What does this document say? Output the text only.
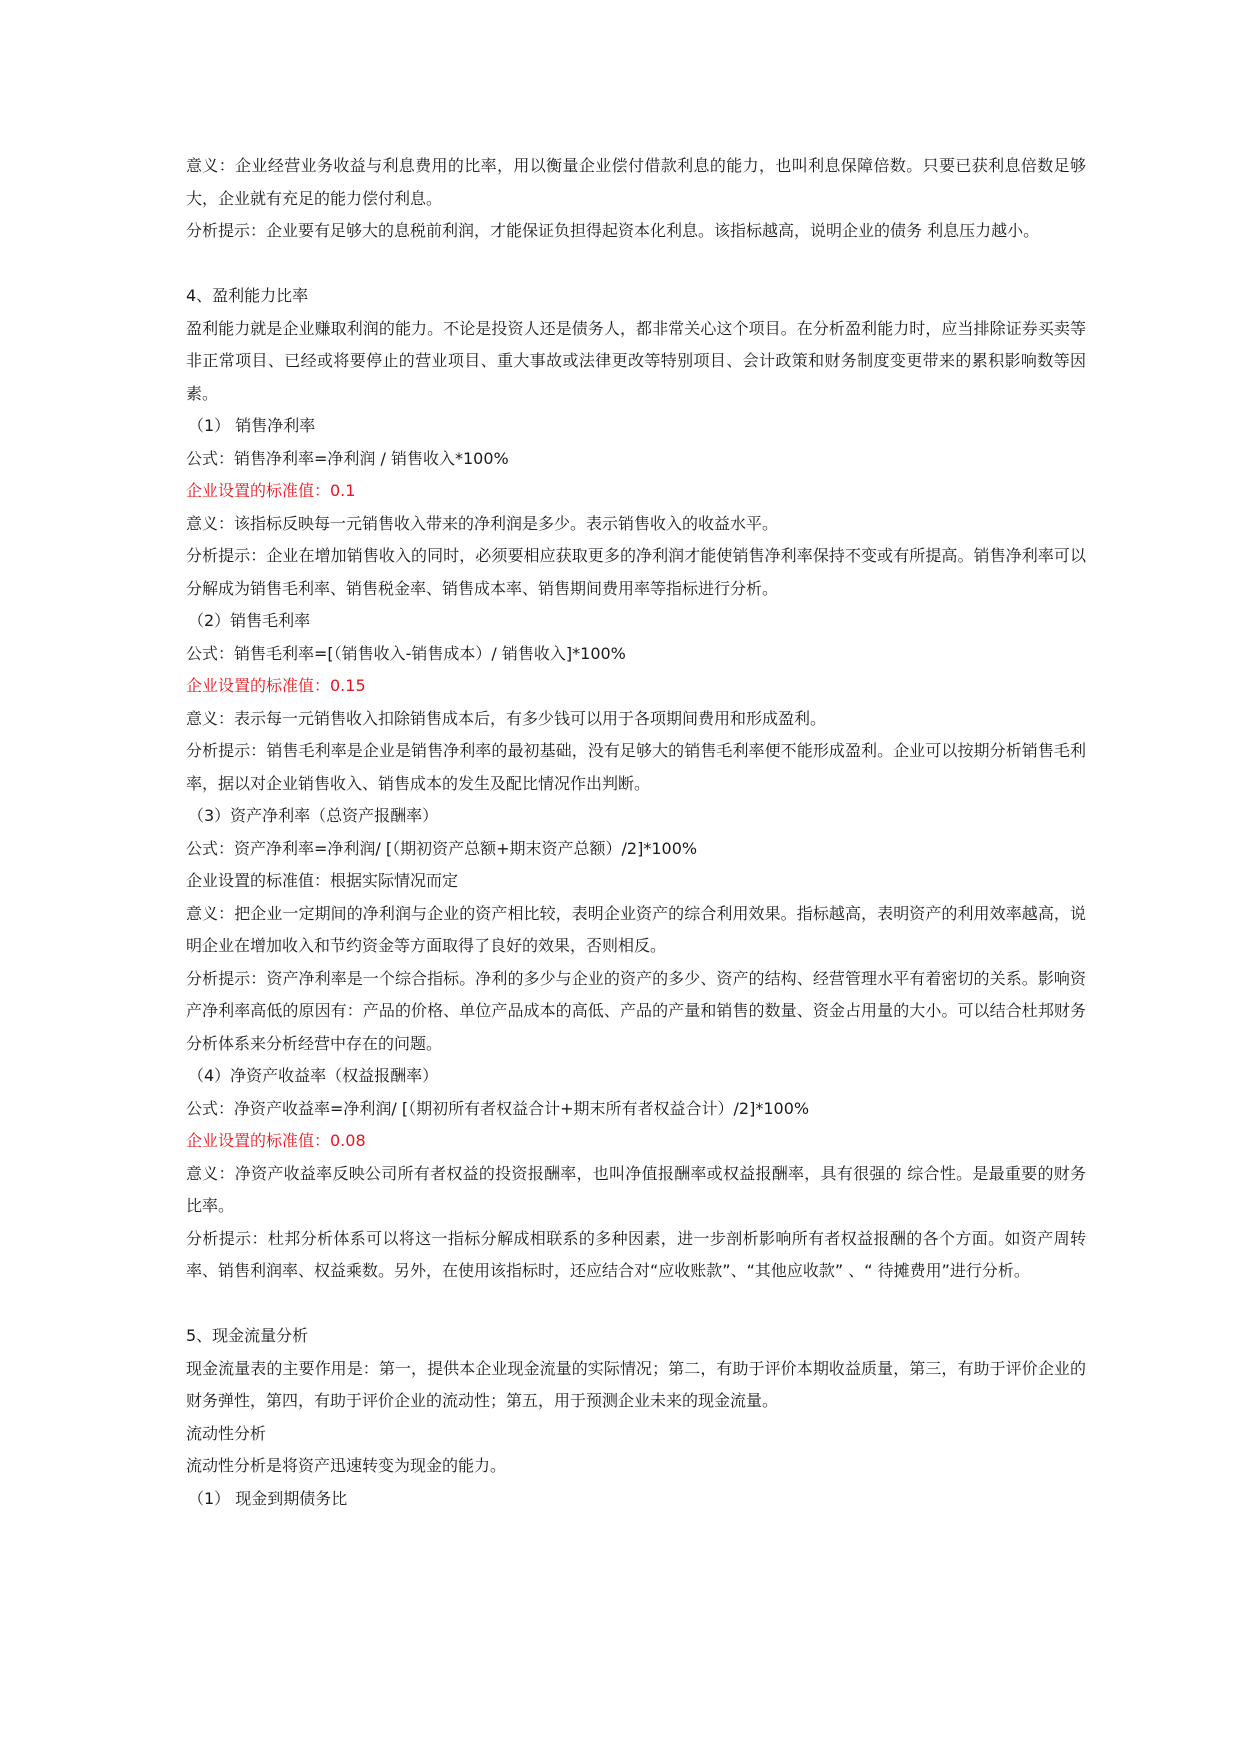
意义：企业经营业务收益与利息费用的比率，用以衡量企业偿付借款利息的能力，也叫利息保障倍数。只要已获利息倍数足够大，企业就有充足的能力偿付利息。
分析提示：企业要有足够大的息税前利润，才能保证负担得起资本化利息。该指标越高，说明企业的债务 利息压力越小。
4、盈利能力比率
盈利能力就是企业赚取利润的能力。不论是投资人还是债务人，都非常关心这个项目。在分析盈利能力时，应当排除证券买卖等非正常项目、已经或将要停止的营业项目、重大事故或法律更改等特别项目、会计政策和财务制度变更带来的累积影响数等因素。
（1） 销售净利率
公式：销售净利率=净利润 / 销售收入*100%
企业设置的标准值：0.1
意义：该指标反映每一元销售收入带来的净利润是多少。表示销售收入的收益水平。
分析提示：企业在增加销售收入的同时，必须要相应获取更多的净利润才能使销售净利率保持不变或有所提高。销售净利率可以分解成为销售毛利率、销售税金率、销售成本率、销售期间费用率等指标进行分析。
（2）销售毛利率
公式：销售毛利率=[（销售收入-销售成本）/ 销售收入]*100%
企业设置的标准值：0.15
意义：表示每一元销售收入扣除销售成本后，有多少钱可以用于各项期间费用和形成盈利。
分析提示：销售毛利率是企业是销售净利率的最初基础，没有足够大的销售毛利率便不能形成盈利。企业可以按期分析销售毛利率，据以对企业销售收入、销售成本的发生及配比情况作出判断。
（3）资产净利率（总资产报酬率）
公式：资产净利率=净利润/ [（期初资产总额+期末资产总额）/2]*100%
企业设置的标准值：根据实际情况而定
意义：把企业一定期间的净利润与企业的资产相比较，表明企业资产的综合利用效果。指标越高，表明资产的利用效率越高，说明企业在增加收入和节约资金等方面取得了良好的效果，否则相反。
分析提示：资产净利率是一个综合指标。净利的多少与企业的资产的多少、资产的结构、经营管理水平有着密切的关系。影响资产净利率高低的原因有：产品的价格、单位产品成本的高低、产品的产量和销售的数量、资金占用量的大小。可以结合杜邦财务分析体系来分析经营中存在的问题。
（4）净资产收益率（权益报酬率）
公式：净资产收益率=净利润/ [（期初所有者权益合计+期末所有者权益合计）/2]*100%
企业设置的标准值：0.08
意义：净资产收益率反映公司所有者权益的投资报酬率，也叫净值报酬率或权益报酬率，具有很强的 综合性。是最重要的财务比率。
分析提示：杜邦分析体系可以将这一指标分解成相联系的多种因素，进一步剖析影响所有者权益报酬的各个方面。如资产周转率、销售利润率、权益乘数。另外，在使用该指标时，还应结合对“应收账款”、“其他应收款” 、“ 待摊费用”进行分析。
5、现金流量分析
现金流量表的主要作用是：第一，提供本企业现金流量的实际情况；第二，有助于评价本期收益质量，第三，有助于评价企业的财务弹性，第四，有助于评价企业的流动性；第五，用于预测企业未来的现金流量。
流动性分析
流动性分析是将资产迅速转变为现金的能力。
（1） 现金到期债务比
